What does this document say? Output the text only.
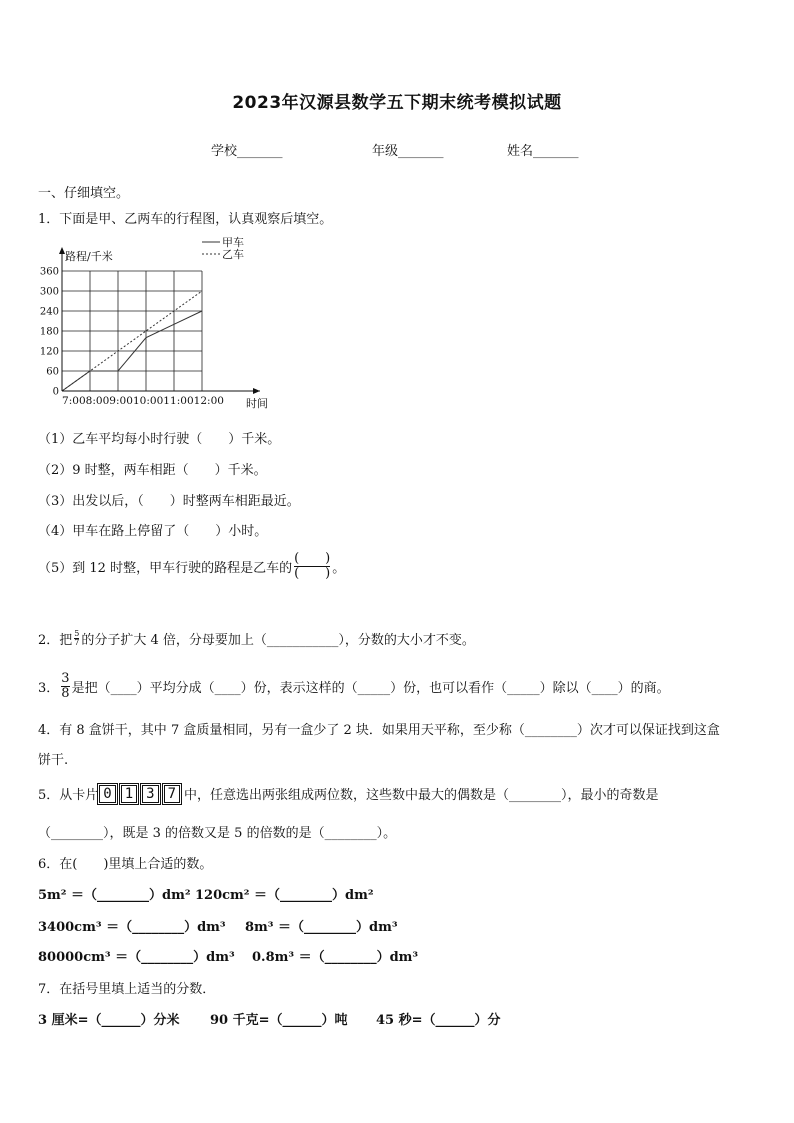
2023年汉源县数学五下期末统考模拟试题
学校_______	年级_______	姓名_______
一、仔细填空。
1．下面是甲、乙两车的行程图，认真观察后填空。
0
60
120
180
240
300
360
路程/千米
时间
7:008:009:0010:0011:0012:00
甲车
乙车
（1）乙车平均每小时行驶（　　）千米。
（2）9 时整，两车相距（　　）千米。
（3）出发以后，（　　）时整两车相距最近。
（4）甲车在路上停留了（　　）小时。
（5）到 12 时整，甲车行驶的路程是乙车的 $\frac{( )}{( )}$ 。
2．把 $\frac{5}{7}$ 的分子扩大 4 倍，分母要加上（___________），分数的大小才不变。
3． $\frac{3}{8}$ 是把（____）平均分成（____）份，表示这样的（_____）份，也可以看作（_____）除以（____）的商。
4．有 8 盒饼干，其中 7 盒质量相同，另有一盒少了 2 块．如果用天平称，至少称（________）次才可以保证找到这盒
饼干.
5．从卡片 0 1 3 7 中，任意选出两张组成两位数，这些数中最大的偶数是（________），最小的奇数是
（________），既是 3 的倍数又是 5 的倍数的是（________）。
6．在(　　)里填上合适的数。
5m² ＝（________）dm² 120cm² ＝（________）dm²
3400cm³ ＝（________）dm³ 8m³ ＝（________）dm³
80000cm³ ＝（________）dm³ 0.8m³ ＝（________）dm³
7．在括号里填上适当的分数．
3 厘米=（______）分米 90 千克=（______）吨 45 秒=（______）分
